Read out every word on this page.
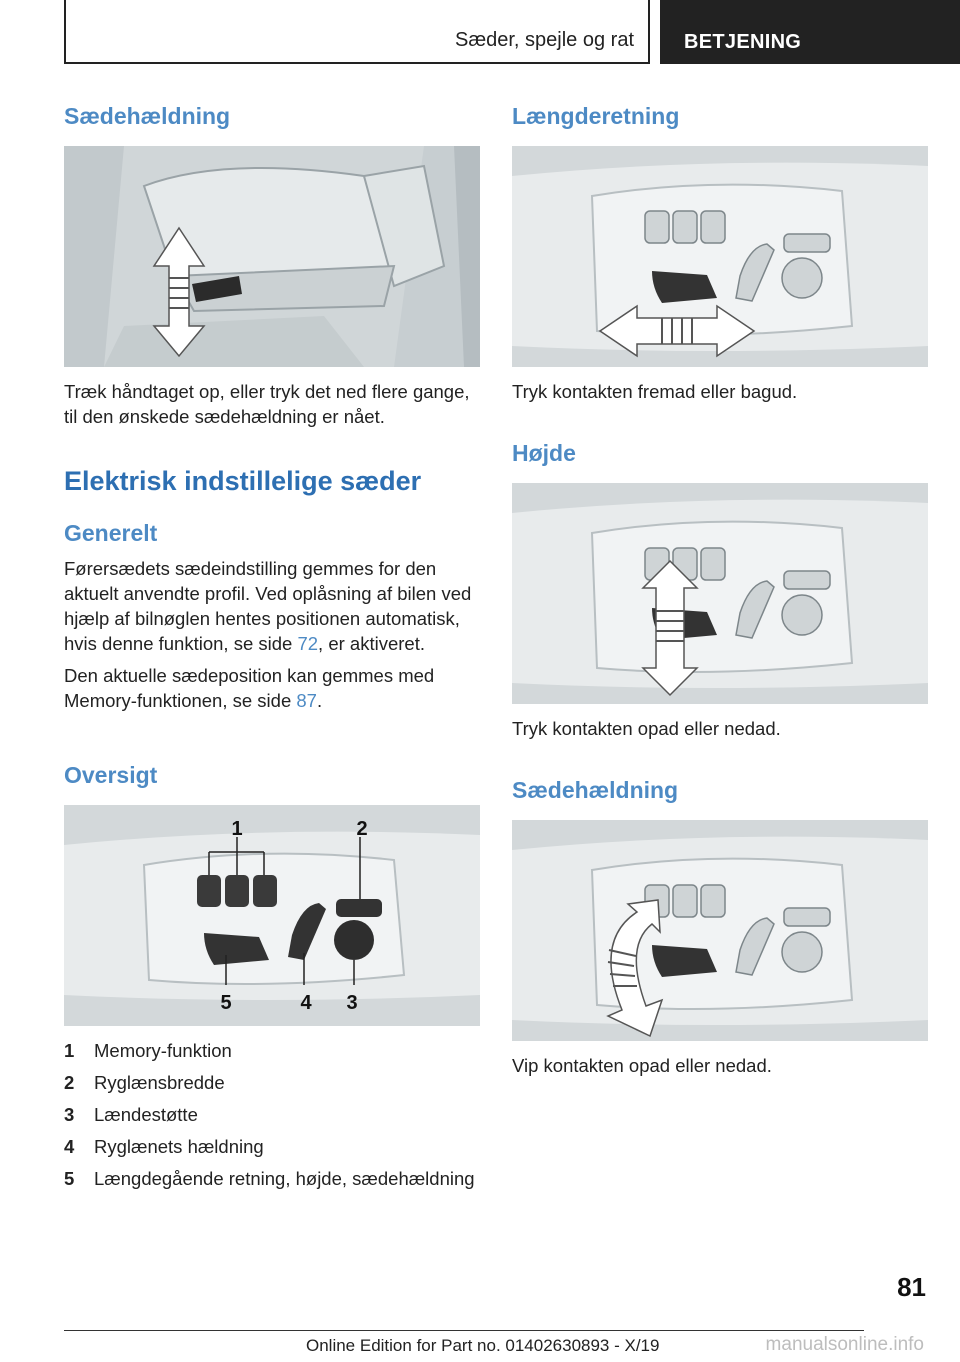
Sæder, spejle og rat	BETJENING
Sædehældning
Træk håndtaget op, eller tryk det ned flere gange, til den ønskede sædehældning er nået.
Elektrisk indstillelige sæder
Generelt

Førersædets sædeindstilling gemmes for den aktuelt anvendte profil. Ved oplåsning af bilen ved hjælp af bilnøglen hentes positionen automatisk, hvis denne funktion, se side 72, er aktiveret.

Den aktuelle sædeposition kan gemmes med Memory-funktionen, se side 87.

Oversigt
1	2
3
4
5
1	Memory-funktion
2	Ryglænsbredde
3	Lændestøtte
4	Ryglænets hældning
5	Længdegående retning, højde, sædehældning
Længderetning
Tryk kontakten fremad eller bagud.
Højde
Tryk kontakten opad eller nedad.
Sædehældning
Vip kontakten opad eller nedad.
81
Online Edition for Part no. 01402630893 - X/19	manualsonline.info
